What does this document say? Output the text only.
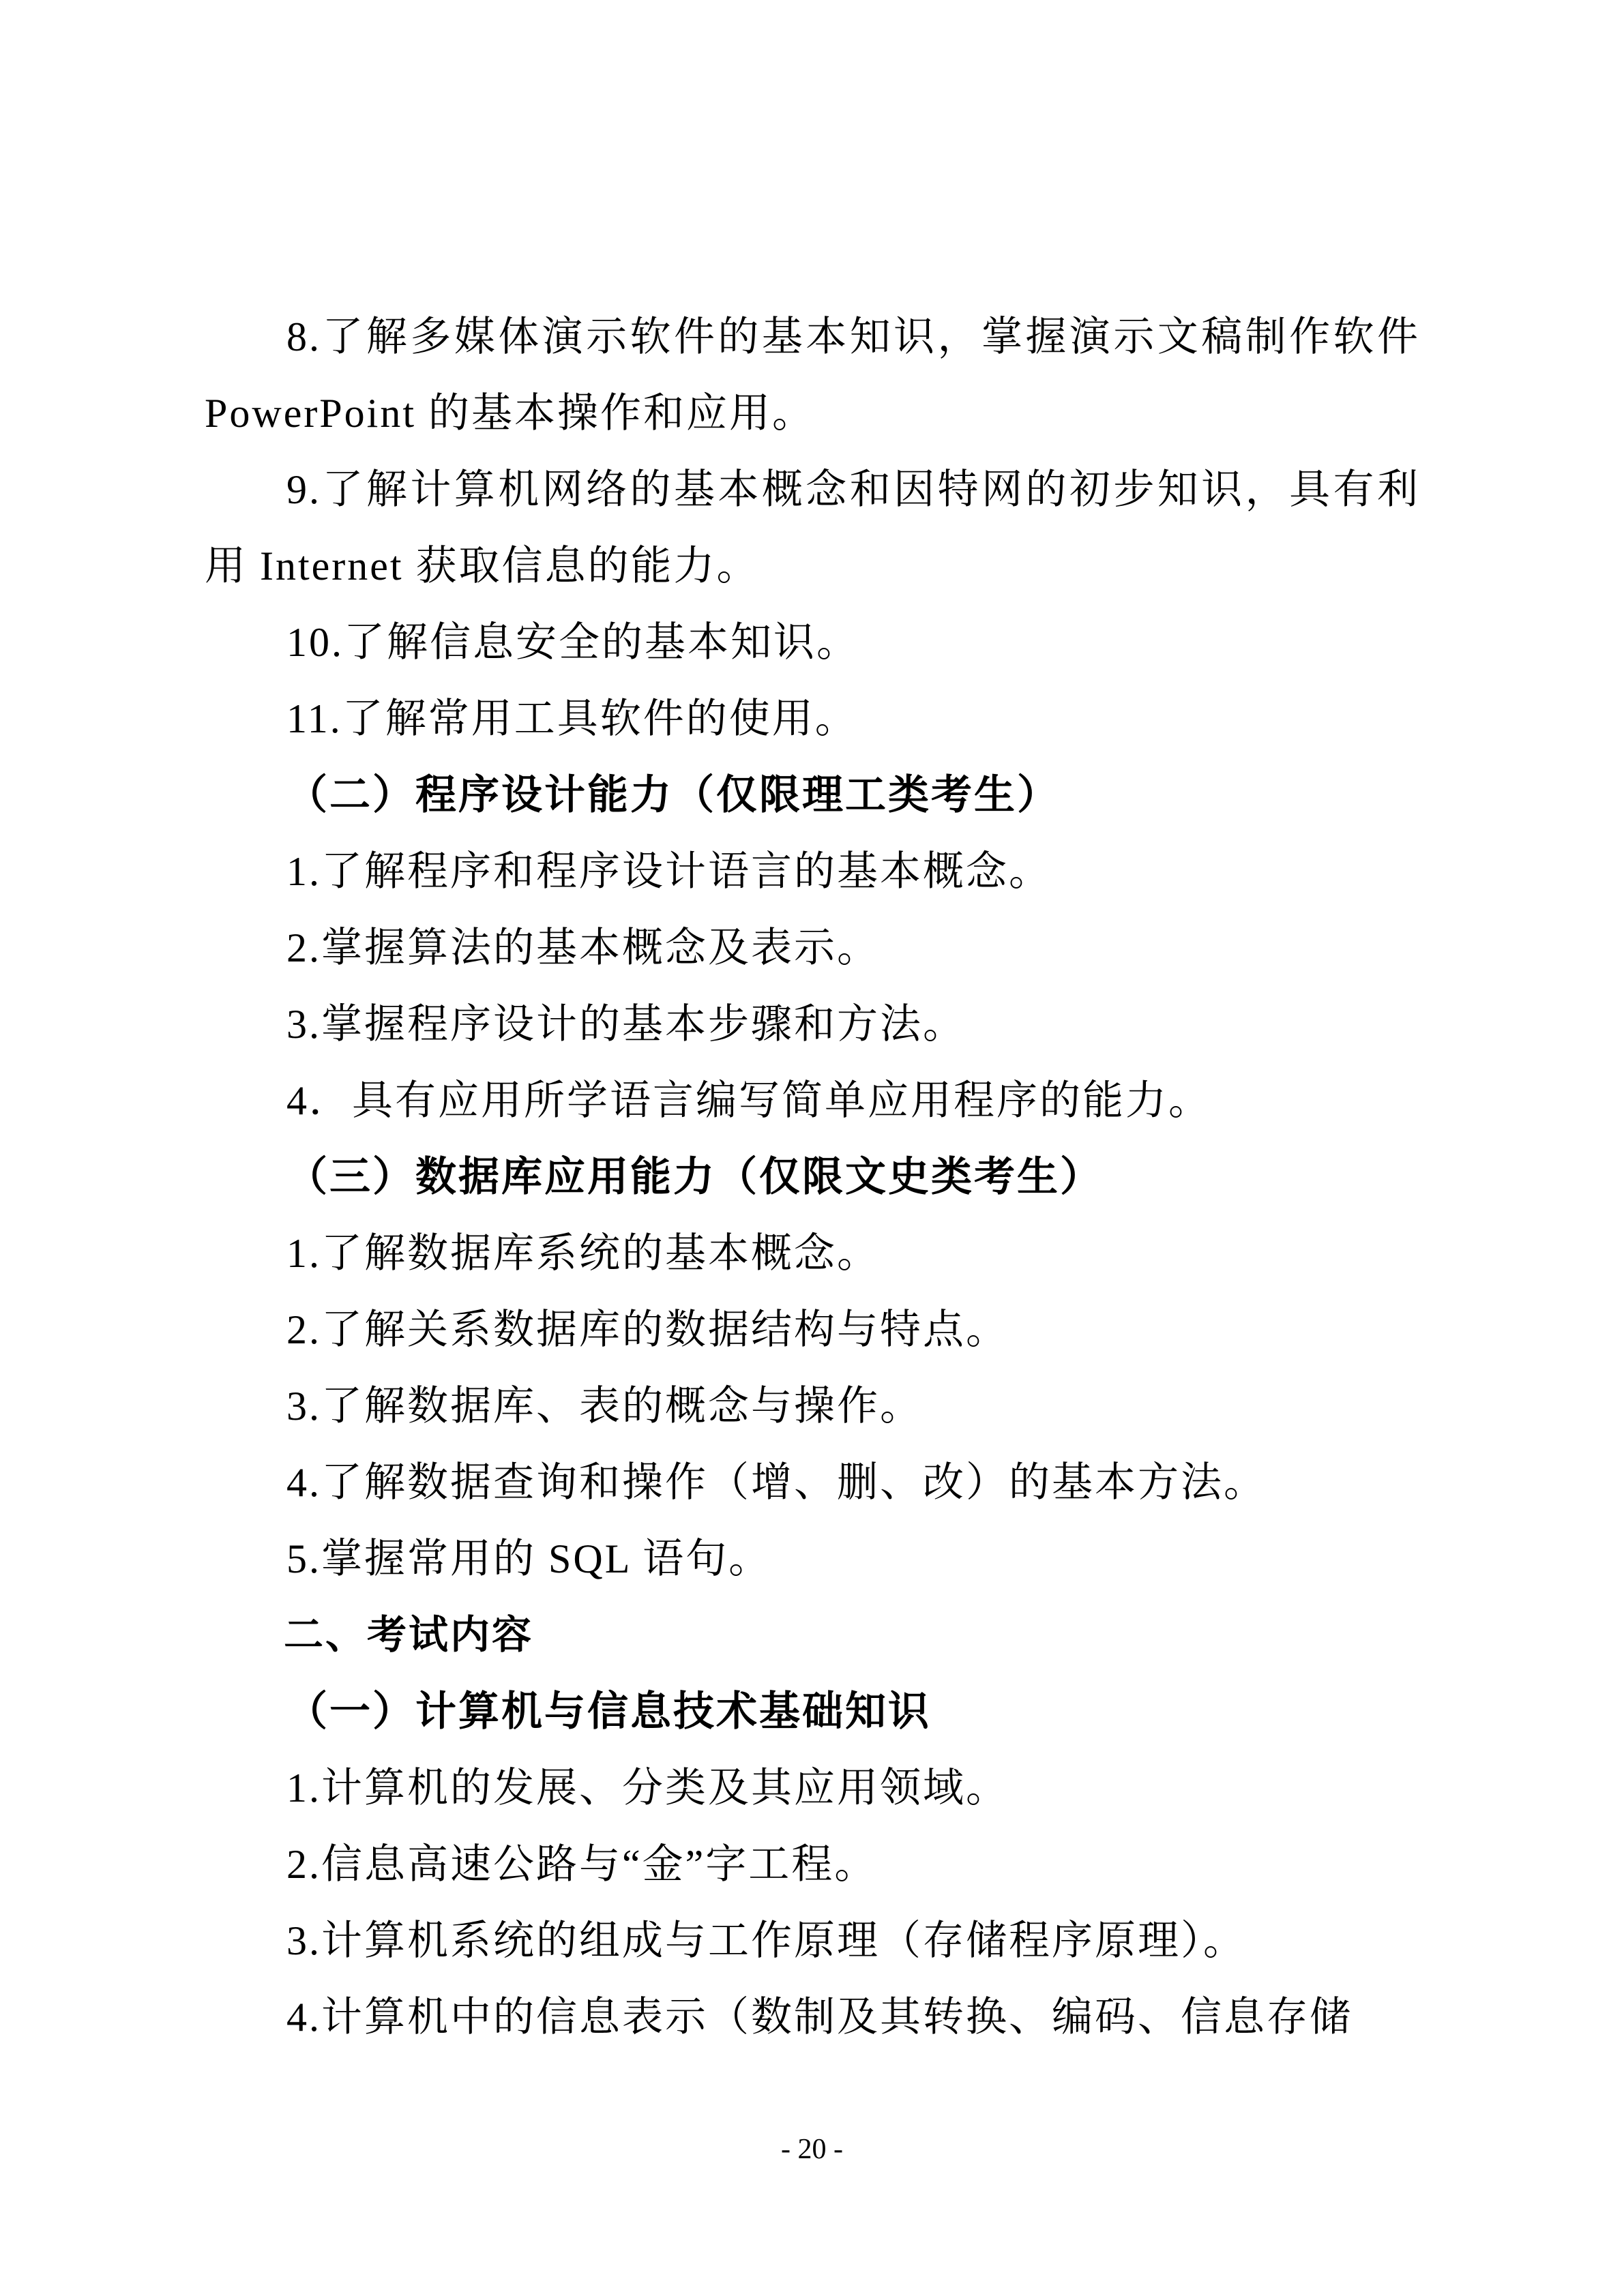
8.了解多媒体演示软件的基本知识，掌握演示文稿制作软件 PowerPoint 的基本操作和应用。

9.了解计算机网络的基本概念和因特网的初步知识，具有利用 Internet 获取信息的能力。

10.了解信息安全的基本知识。

11.了解常用工具软件的使用。

（二）程序设计能力（仅限理工类考生）

1.了解程序和程序设计语言的基本概念。

2.掌握算法的基本概念及表示。

3.掌握程序设计的基本步骤和方法。

4．具有应用所学语言编写简单应用程序的能力。

（三）数据库应用能力（仅限文史类考生）

1.了解数据库系统的基本概念。

2.了解关系数据库的数据结构与特点。

3.了解数据库、表的概念与操作。

4.了解数据查询和操作（增、删、改）的基本方法。

5.掌握常用的 SQL 语句。

二、考试内容

（一）计算机与信息技术基础知识

1.计算机的发展、分类及其应用领域。

2.信息高速公路与“金”字工程。

3.计算机系统的组成与工作原理（存储程序原理）。

4.计算机中的信息表示（数制及其转换、编码、信息存储

- 20 -
